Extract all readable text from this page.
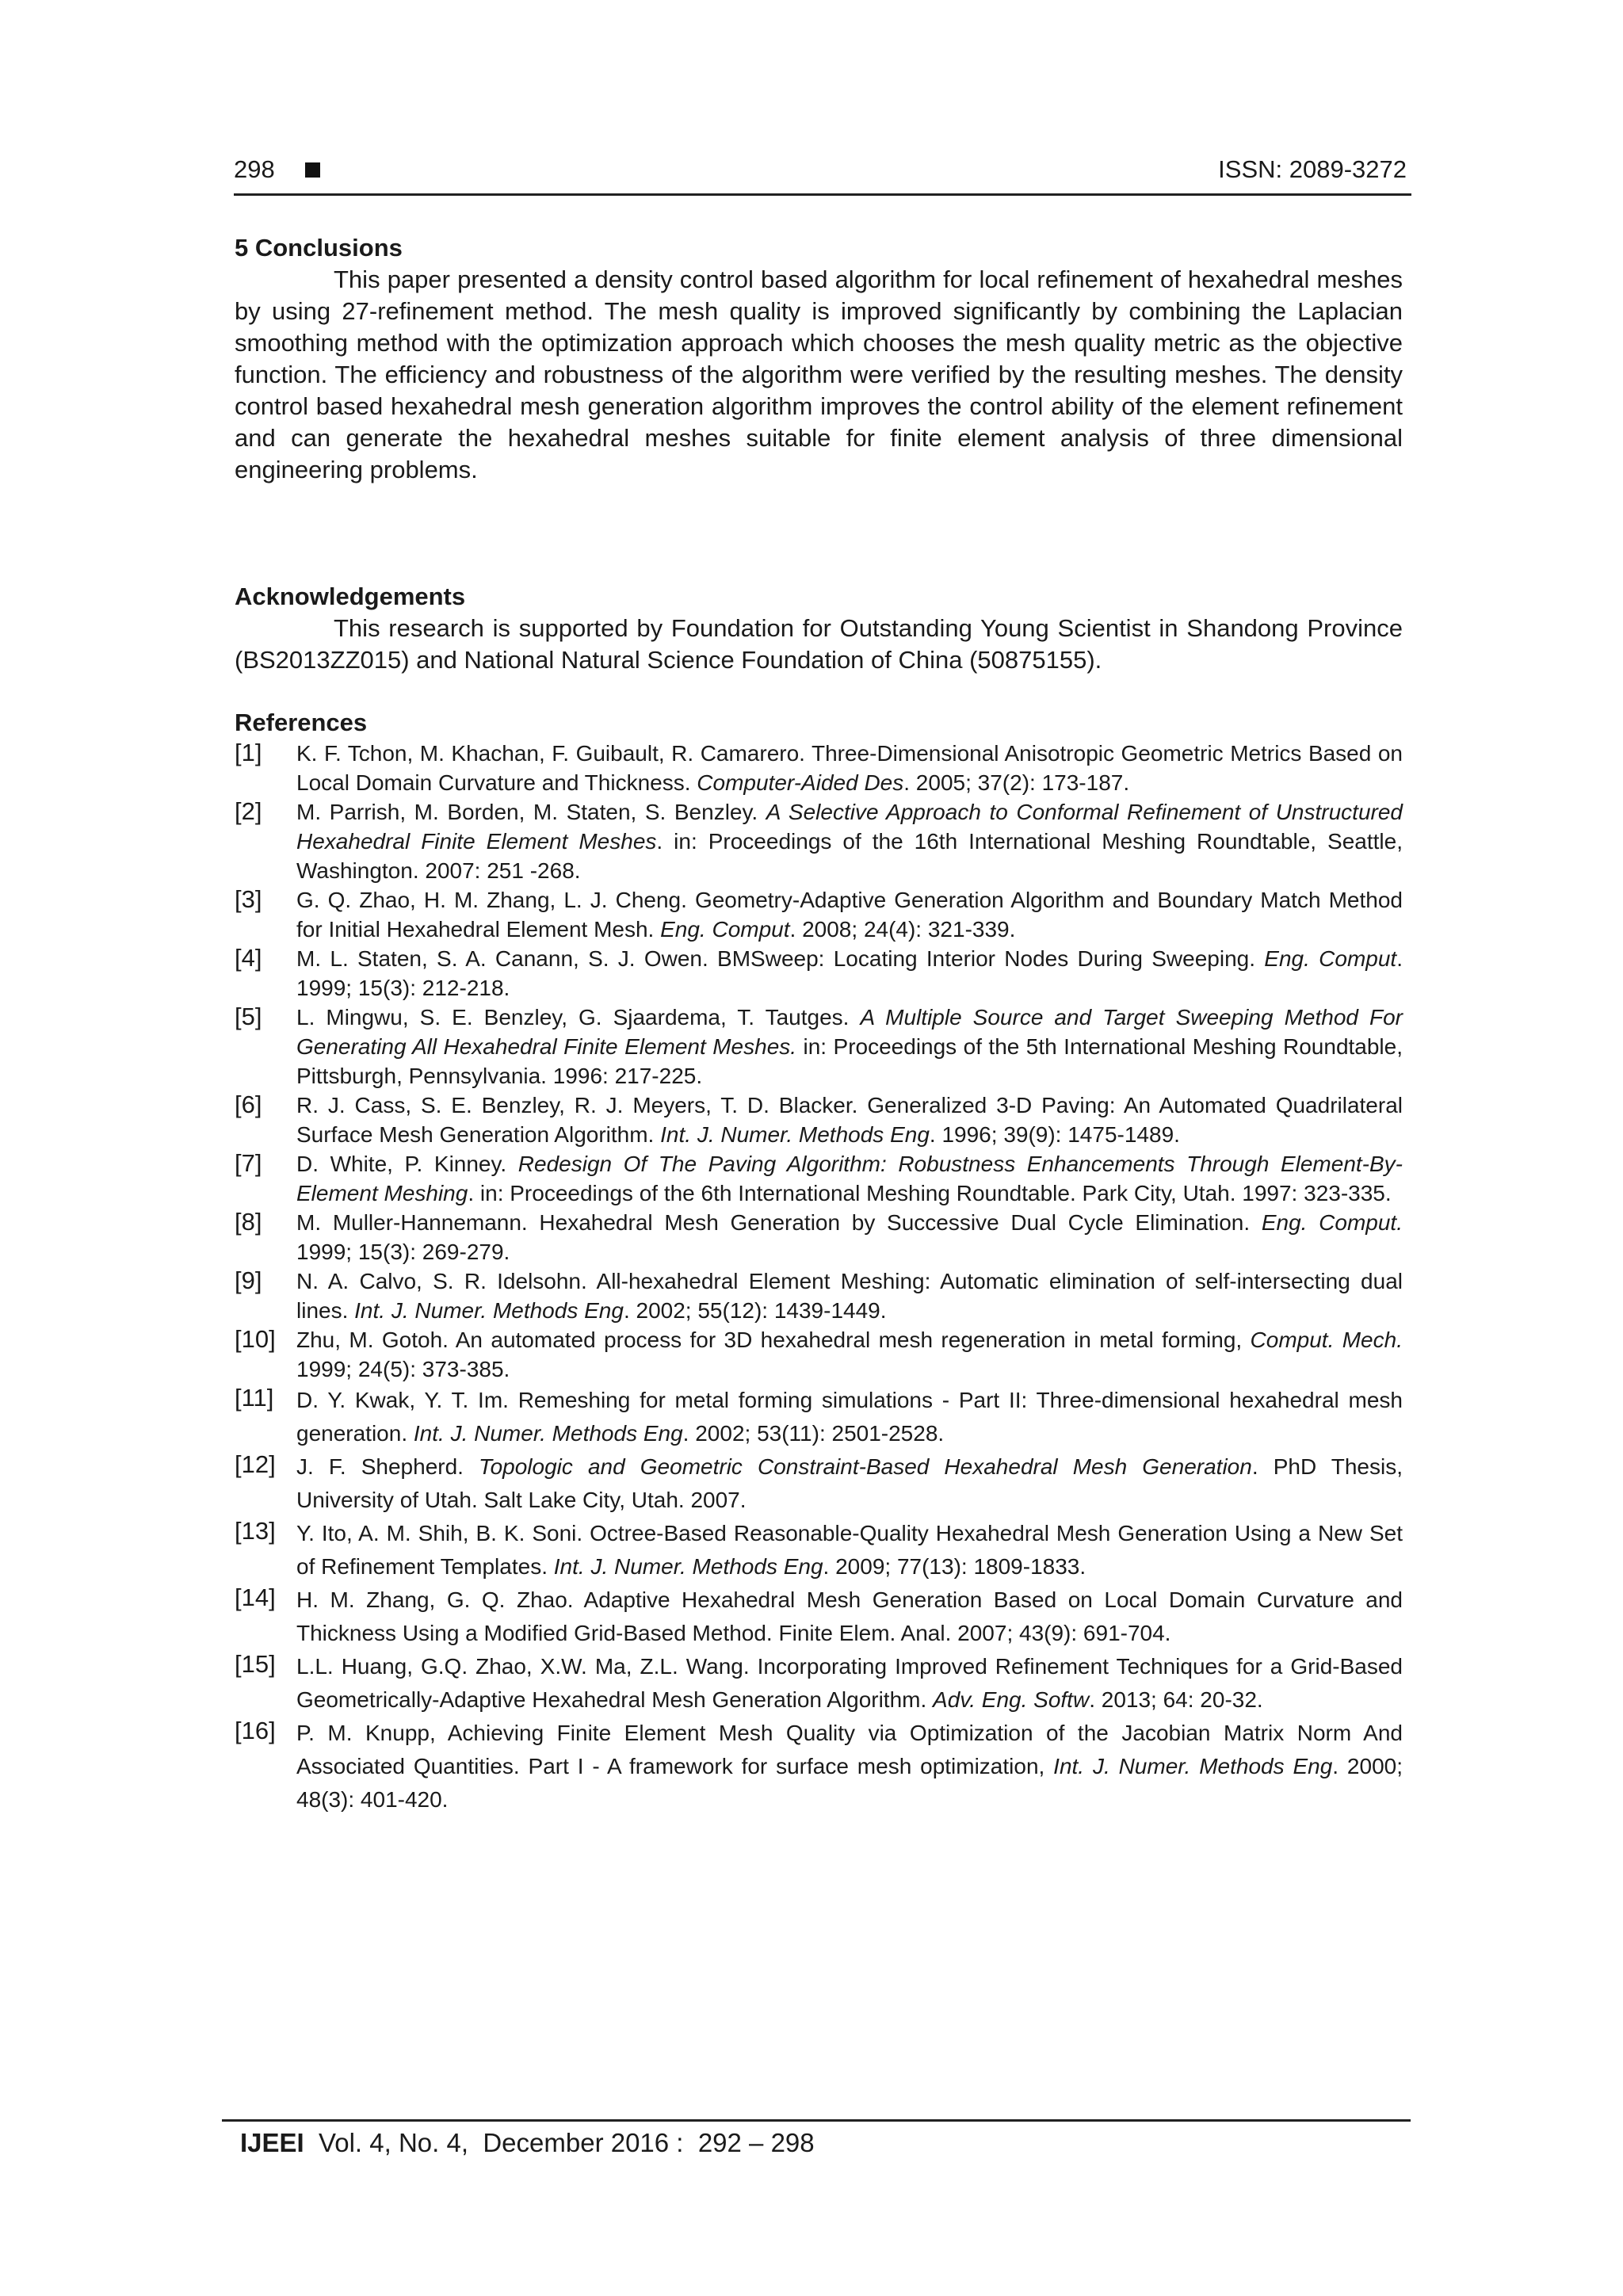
298	ISSN: 2089-3272

5 Conclusions

This paper presented a density control based algorithm for local refinement of hexahedral meshes by using 27-refinement method. The mesh quality is improved significantly by combining the Laplacian smoothing method with the optimization approach which chooses the mesh quality metric as the objective function. The efficiency and robustness of the algorithm were verified by the resulting meshes. The density control based hexahedral mesh generation algorithm improves the control ability of the element refinement and can generate the hexahedral meshes suitable for finite element analysis of three dimensional engineering problems.

Acknowledgements

This research is supported by Foundation for Outstanding Young Scientist in Shandong Province (BS2013ZZ015) and National Natural Science Foundation of China (50875155).

References

[1]	K. F. Tchon, M. Khachan, F. Guibault, R. Camarero. Three-Dimensional Anisotropic Geometric Metrics Based on Local Domain Curvature and Thickness. Computer-Aided Des. 2005; 37(2): 173-187.
[2]	M. Parrish, M. Borden, M. Staten, S. Benzley. A Selective Approach to Conformal Refinement of Unstructured Hexahedral Finite Element Meshes. in: Proceedings of the 16th International Meshing Roundtable, Seattle, Washington. 2007: 251 -268.
[3]	G. Q. Zhao, H. M. Zhang, L. J. Cheng. Geometry-Adaptive Generation Algorithm and Boundary Match Method for Initial Hexahedral Element Mesh. Eng. Comput. 2008; 24(4): 321-339.
[4]	M. L. Staten, S. A. Canann, S. J. Owen. BMSweep: Locating Interior Nodes During Sweeping. Eng. Comput. 1999; 15(3): 212-218.
[5]	L. Mingwu, S. E. Benzley, G. Sjaardema, T. Tautges. A Multiple Source and Target Sweeping Method For Generating All Hexahedral Finite Element Meshes. in: Proceedings of the 5th International Meshing Roundtable, Pittsburgh, Pennsylvania. 1996: 217-225.
[6]	R. J. Cass, S. E. Benzley, R. J. Meyers, T. D. Blacker. Generalized 3-D Paving: An Automated Quadrilateral Surface Mesh Generation Algorithm. Int. J. Numer. Methods Eng. 1996; 39(9): 1475-1489.
[7]	D. White, P. Kinney. Redesign Of The Paving Algorithm: Robustness Enhancements Through Element-By-Element Meshing. in: Proceedings of the 6th International Meshing Roundtable. Park City, Utah. 1997: 323-335.
[8]	M. Muller-Hannemann. Hexahedral Mesh Generation by Successive Dual Cycle Elimination. Eng. Comput. 1999; 15(3): 269-279.
[9]	N. A. Calvo, S. R. Idelsohn. All-hexahedral Element Meshing: Automatic elimination of self-intersecting dual lines. Int. J. Numer. Methods Eng. 2002; 55(12): 1439-1449.
[10] Zhu, M. Gotoh. An automated process for 3D hexahedral mesh regeneration in metal forming, Comput. Mech. 1999; 24(5): 373-385.
[11]	D. Y. Kwak, Y. T. Im. Remeshing for metal forming simulations - Part II: Three-dimensional hexahedral mesh generation. Int. J. Numer. Methods Eng. 2002; 53(11): 2501-2528.
[12] J. F. Shepherd. Topologic and Geometric Constraint-Based Hexahedral Mesh Generation. PhD Thesis, University of Utah. Salt Lake City, Utah. 2007.
[13] Y. Ito, A. M. Shih, B. K. Soni. Octree-Based Reasonable-Quality Hexahedral Mesh Generation Using a New Set of Refinement Templates. Int. J. Numer. Methods Eng. 2009; 77(13): 1809-1833.
[14] H. M. Zhang, G. Q. Zhao. Adaptive Hexahedral Mesh Generation Based on Local Domain Curvature and Thickness Using a Modified Grid-Based Method. Finite Elem. Anal. 2007; 43(9): 691-704.
[15] L.L. Huang, G.Q. Zhao, X.W. Ma, Z.L. Wang. Incorporating Improved Refinement Techniques for a Grid-Based Geometrically-Adaptive Hexahedral Mesh Generation Algorithm. Adv. Eng. Softw. 2013; 64: 20-32.
[16] P. M. Knupp, Achieving Finite Element Mesh Quality via Optimization of the Jacobian Matrix Norm And Associated Quantities. Part I - A framework for surface mesh optimization, Int. J. Numer. Methods Eng. 2000; 48(3): 401-420.
IJEEI  Vol. 4, No. 4,  December 2016 :  292 – 298
